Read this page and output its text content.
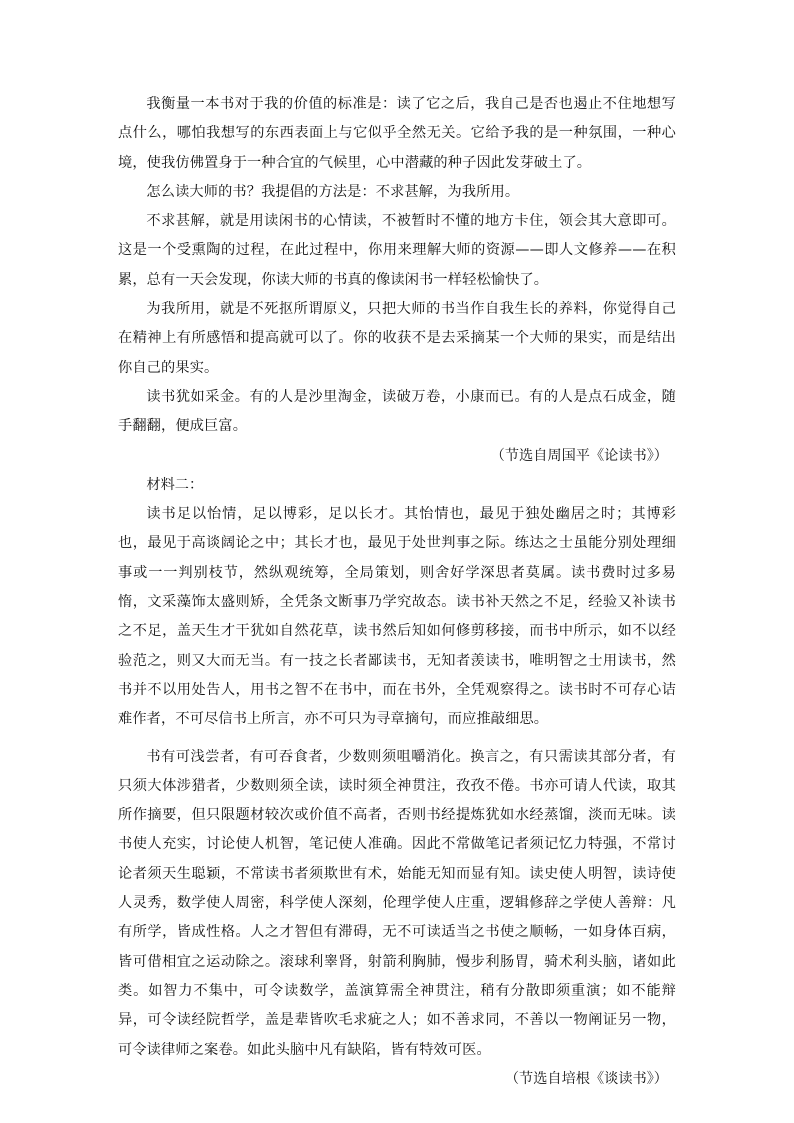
我衡量一本书对于我的价值的标准是：读了它之后，我自己是否也遏止不住地想写点什么，哪怕我想写的东西表面上与它似乎全然无关。它给予我的是一种氛围，一种心境，使我仿佛置身于一种合宜的气候里，心中潜藏的种子因此发芽破土了。

怎么读大师的书？我提倡的方法是：不求甚解，为我所用。

不求甚解，就是用读闲书的心情读，不被暂时不懂的地方卡住，领会其大意即可。这是一个受熏陶的过程，在此过程中，你用来理解大师的资源——即人文修养——在积累，总有一天会发现，你读大师的书真的像读闲书一样轻松愉快了。

为我所用，就是不死抠所谓原义，只把大师的书当作自我生长的养料，你觉得自己在精神上有所感悟和提高就可以了。你的收获不是去采摘某一个大师的果实，而是结出你自己的果实。

读书犹如采金。有的人是沙里淘金，读破万卷，小康而已。有的人是点石成金，随手翻翻，便成巨富。

（节选自周国平《论读书》）

材料二：

读书足以怡情，足以博彩，足以长才。其怡情也，最见于独处幽居之时；其博彩也，最见于高谈阔论之中；其长才也，最见于处世判事之际。练达之士虽能分别处理细事或一一判别枝节，然纵观统筹，全局策划，则舍好学深思者莫属。读书费时过多易惰，文采藻饰太盛则矫，全凭条文断事乃学究故态。读书补天然之不足，经验又补读书之不足，盖天生才干犹如自然花草，读书然后知如何修剪移接，而书中所示，如不以经验范之，则又大而无当。有一技之长者鄙读书，无知者羡读书，唯明智之士用读书，然书并不以用处告人，用书之智不在书中，而在书外，全凭观察得之。读书时不可存心诘难作者，不可尽信书上所言，亦不可只为寻章摘句，而应推敲细思。

书有可浅尝者，有可吞食者，少数则须咀嚼消化。换言之，有只需读其部分者，有只须大体涉猎者，少数则须全读，读时须全神贯注，孜孜不倦。书亦可请人代读，取其所作摘要，但只限题材较次或价值不高者，否则书经提炼犹如水经蒸馏，淡而无味。读书使人充实，讨论使人机智，笔记使人准确。因此不常做笔记者须记忆力特强，不常讨论者须天生聪颖，不常读书者须欺世有术，始能无知而显有知。读史使人明智，读诗使人灵秀，数学使人周密，科学使人深刻，伦理学使人庄重，逻辑修辞之学使人善辩：凡有所学，皆成性格。人之才智但有滞碍，无不可读适当之书使之顺畅，一如身体百病，皆可借相宜之运动除之。滚球利睾肾，射箭利胸肺，慢步利肠胃，骑术利头脑，诸如此类。如智力不集中，可令读数学，盖演算需全神贯注，稍有分散即须重演；如不能辩异，可令读经院哲学，盖是辈皆吹毛求疵之人；如不善求同，不善以一物阐证另一物，可令读律师之案卷。如此头脑中凡有缺陷，皆有特效可医。

（节选自培根《谈读书》）
